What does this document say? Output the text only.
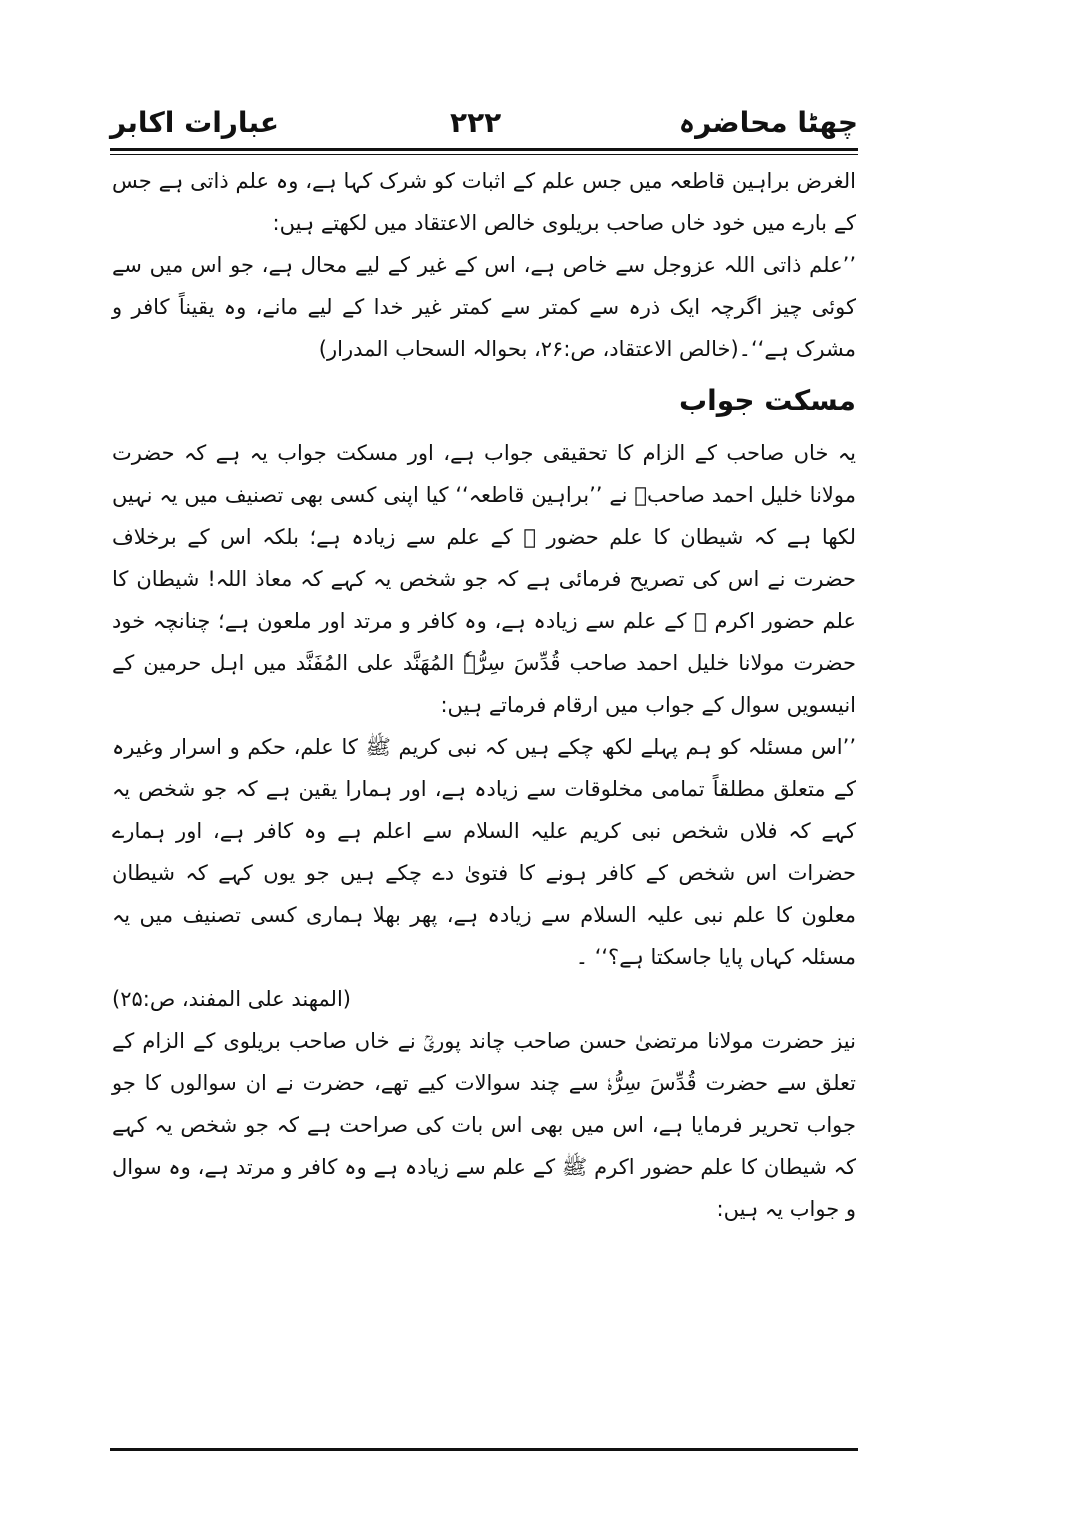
چھٹا محاضرہ
۲۲۲
عبارات اکابر

الغرض براہین قاطعہ میں جس علم کے اثبات کو شرک کہا ہے، وہ علم ذاتی ہے جس کے بارے میں خود خاں صاحب بریلوی خالص الاعتقاد میں لکھتے ہیں:

’’علم ذاتی اللہ عزوجل سے خاص ہے، اس کے غیر کے لیے محال ہے، جو اس میں سے کوئی چیز اگرچہ ایک ذرہ سے کمتر سے کمتر غیر خدا کے لیے مانے، وہ یقیناً کافر و مشرک ہے‘‘۔(خالص الاعتقاد، ص:۲۶، بحوالہ السحاب المدرار)

مسکت جواب

یہ خاں صاحب کے الزام کا تحقیقی جواب ہے، اور مسکت جواب یہ ہے کہ حضرت مولانا خلیل احمد صاحبؒ نے ’’براہین قاطعہ‘‘ کیا اپنی کسی بھی تصنیف میں یہ نہیں لکھا ہے کہ شیطان کا علم حضور ﷺ کے علم سے زیادہ ہے؛ بلکہ اس کے برخلاف حضرت نے اس کی تصریح فرمائی ہے کہ جو شخص یہ کہے کہ معاذ اللہ! شیطان کا علم حضور اکرم ﷺ کے علم سے زیادہ ہے، وہ کافر و مرتد اور ملعون ہے؛ چنانچہ خود حضرت مولانا خلیل احمد صاحب قُدِّسَ سِرُّہٗ المُھَنَّد علی المُفَنَّد میں اہل حرمین کے انیسویں سوال کے جواب میں ارقام فرماتے ہیں:

’’اس مسئلہ کو ہم پہلے لکھ چکے ہیں کہ نبی کریم ﷺ کا علم، حکم و اسرار وغیرہ کے متعلق مطلقاً تمامی مخلوقات سے زیادہ ہے، اور ہمارا یقین ہے کہ جو شخص یہ کہے کہ فلاں شخص نبی کریم علیہ السلام سے اعلم ہے وہ کافر ہے، اور ہمارے حضرات اس شخص کے کافر ہونے کا فتویٰ دے چکے ہیں جو یوں کہے کہ شیطان معلون کا علم نبی علیہ السلام سے زیادہ ہے، پھر بھلا ہماری کسی تصنیف میں یہ مسئلہ کہاں پایا جاسکتا ہے؟‘‘ ۔

(المھند علی المفند، ص:۲۵)

نیز حضرت مولانا مرتضیٰ حسن صاحب چاند پوریؒ نے خاں صاحب بریلوی کے الزام کے تعلق سے حضرت قُدِّسَ سِرُّہٗ سے چند سوالات کیے تھے، حضرت نے ان سوالوں کا جو جواب تحریر فرمایا ہے، اس میں بھی اس بات کی صراحت ہے کہ جو شخص یہ کہے کہ شیطان کا علم حضور اکرم ﷺ کے علم سے زیادہ ہے وہ کافر و مرتد ہے، وہ سوال و جواب یہ ہیں:
